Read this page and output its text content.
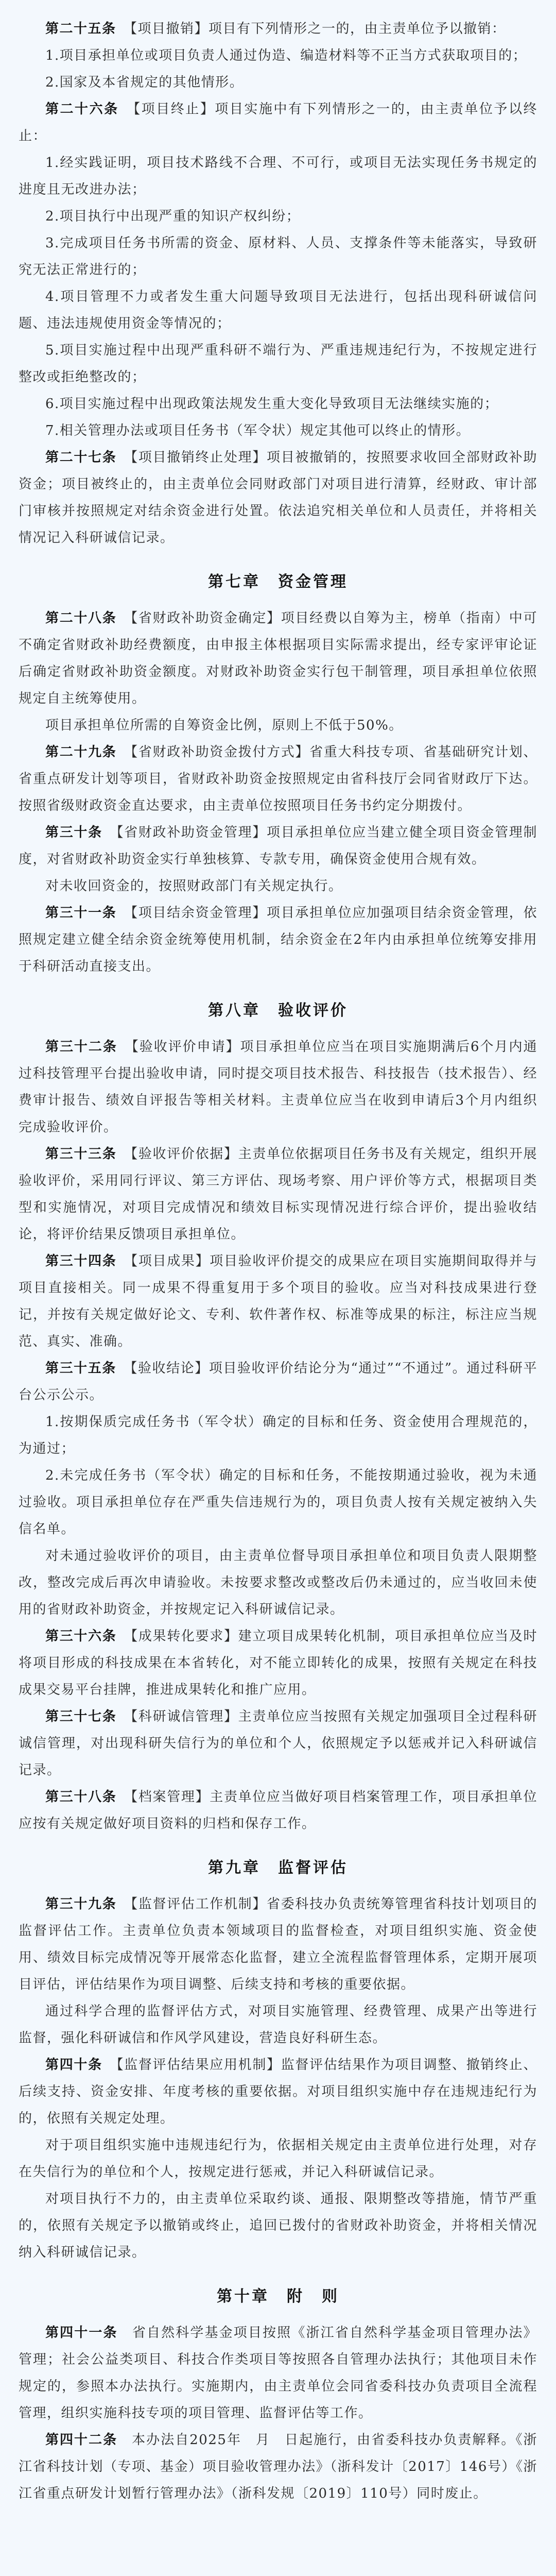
第二十五条　 【项目撤销】项目有下列情形之一的，由主责单位予以撤销：

1.项目承担单位或项目负责人通过伪造、编造材料等不正当方式获取项目的；

2.国家及本省规定的其他情形。

第二十六条　 【项目终止】项目实施中有下列情形之一的，由主责单位予以终止：

1.经实践证明，项目技术路线不合理、不可行，或项目无法实现任务书规定的进度且无改进办法；

2.项目执行中出现严重的知识产权纠纷；

3.完成项目任务书所需的资金、原材料、人员、支撑条件等未能落实，导致研究无法正常进行的；

4.项目管理不力或者发生重大问题导致项目无法进行，包括出现科研诚信问题、违法违规使用资金等情况的；

5.项目实施过程中出现严重科研不端行为、严重违规违纪行为，不按规定进行整改或拒绝整改的；

6.项目实施过程中出现政策法规发生重大变化导致项目无法继续实施的；

7.相关管理办法或项目任务书（军令状）规定其他可以终止的情形。

第二十七条　 【项目撤销终止处理】项目被撤销的，按照要求收回全部财政补助资金；项目被终止的，由主责单位会同财政部门对项目进行清算，经财政、审计部门审核并按照规定对结余资金进行处置。依法追究相关单位和人员责任，并将相关情况记入科研诚信记录。

第七章　资金管理

第二十八条　 【省财政补助资金确定】项目经费以自筹为主，榜单（指南）中可不确定省财政补助经费额度，由申报主体根据项目实际需求提出，经专家评审论证后确定省财政补助资金额度。对财政补助资金实行包干制管理，项目承担单位依照规定自主统筹使用。

项目承担单位所需的自筹资金比例，原则上不低于50%。

第二十九条　 【省财政补助资金拨付方式】省重大科技专项、省基础研究计划、省重点研发计划等项目，省财政补助资金按照规定由省科技厅会同省财政厅下达。按照省级财政资金直达要求，由主责单位按照项目任务书约定分期拨付。

第三十条　 【省财政补助资金管理】项目承担单位应当建立健全项目资金管理制度，对省财政补助资金实行单独核算、专款专用，确保资金使用合规有效。

对未收回资金的，按照财政部门有关规定执行。

第三十一条　 【项目结余资金管理】项目承担单位应加强项目结余资金管理，依照规定建立健全结余资金统筹使用机制，结余资金在2年内由承担单位统筹安排用于科研活动直接支出。

第八章　验收评价

第三十二条　 【验收评价申请】项目承担单位应当在项目实施期满后6个月内通过科技管理平台提出验收申请，同时提交项目技术报告、科技报告（技术报告）、经费审计报告、绩效自评报告等相关材料。主责单位应当在收到申请后3个月内组织完成验收评价。

第三十三条　 【验收评价依据】主责单位依据项目任务书及有关规定，组织开展验收评价，采用同行评议、第三方评估、现场考察、用户评价等方式，根据项目类型和实施情况，对项目完成情况和绩效目标实现情况进行综合评价，提出验收结论，将评价结果反馈项目承担单位。

第三十四条　 【项目成果】项目验收评价提交的成果应在项目实施期间取得并与项目直接相关。同一成果不得重复用于多个项目的验收。应当对科技成果进行登记，并按有关规定做好论文、专利、软件著作权、标准等成果的标注，标注应当规范、真实、准确。

第三十五条　 【验收结论】项目验收评价结论分为“通过”“不通过”。通过科研平台公示公示。

1.按期保质完成任务书（军令状）确定的目标和任务、资金使用合理规范的，为通过；

2.未完成任务书（军令状）确定的目标和任务，不能按期通过验收，视为未通过验收。项目承担单位存在严重失信违规行为的，项目负责人按有关规定被纳入失信名单。

对未通过验收评价的项目，由主责单位督导项目承担单位和项目负责人限期整改，整改完成后再次申请验收。未按要求整改或整改后仍未通过的，应当收回未使用的省财政补助资金，并按规定记入科研诚信记录。

第三十六条　 【成果转化要求】建立项目成果转化机制，项目承担单位应当及时将项目形成的科技成果在本省转化，对不能立即转化的成果，按照有关规定在科技成果交易平台挂牌，推进成果转化和推广应用。

第三十七条　 【科研诚信管理】主责单位应当按照有关规定加强项目全过程科研诚信管理，对出现科研失信行为的单位和个人，依照规定予以惩戒并记入科研诚信记录。

第三十八条　 【档案管理】主责单位应当做好项目档案管理工作，项目承担单位应按有关规定做好项目资料的归档和保存工作。

第九章　监督评估

第三十九条　 【监督评估工作机制】省委科技办负责统筹管理省科技计划项目的监督评估工作。主责单位负责本领域项目的监督检查，对项目组织实施、资金使用、绩效目标完成情况等开展常态化监督，建立全流程监督管理体系，定期开展项目评估，评估结果作为项目调整、后续支持和考核的重要依据。

通过科学合理的监督评估方式，对项目实施管理、经费管理、成果产出等进行监督，强化科研诚信和作风学风建设，营造良好科研生态。

第四十条　 【监督评估结果应用机制】监督评估结果作为项目调整、撤销终止、后续支持、资金安排、年度考核的重要依据。对项目组织实施中存在违规违纪行为的，依照有关规定处理。

对于项目组织实施中违规违纪行为，依据相关规定由主责单位进行处理，对存在失信行为的单位和个人，按规定进行惩戒，并记入科研诚信记录。

对项目执行不力的，由主责单位采取约谈、通报、限期整改等措施，情节严重的，依照有关规定予以撤销或终止，追回已拨付的省财政补助资金，并将相关情况纳入科研诚信记录。

第十章　附　则

第四十一条　 省自然科学基金项目按照《浙江省自然科学基金项目管理办法》管理；社会公益类项目、科技合作类项目等按照各自管理办法执行；其他项目未作规定的，参照本办法执行。实施期内，由主责单位会同省委科技办负责项目全流程管理，组织实施科技专项的项目管理、监督评估等工作。

第四十二条　 本办法自2025年　月　日起施行，由省委科技办负责解释。《浙江省科技计划（专项、基金）项目验收管理办法》（浙科发计〔2017〕146号）《浙江省重点研发计划暂行管理办法》（浙科发规〔2019〕110号）同时废止。
